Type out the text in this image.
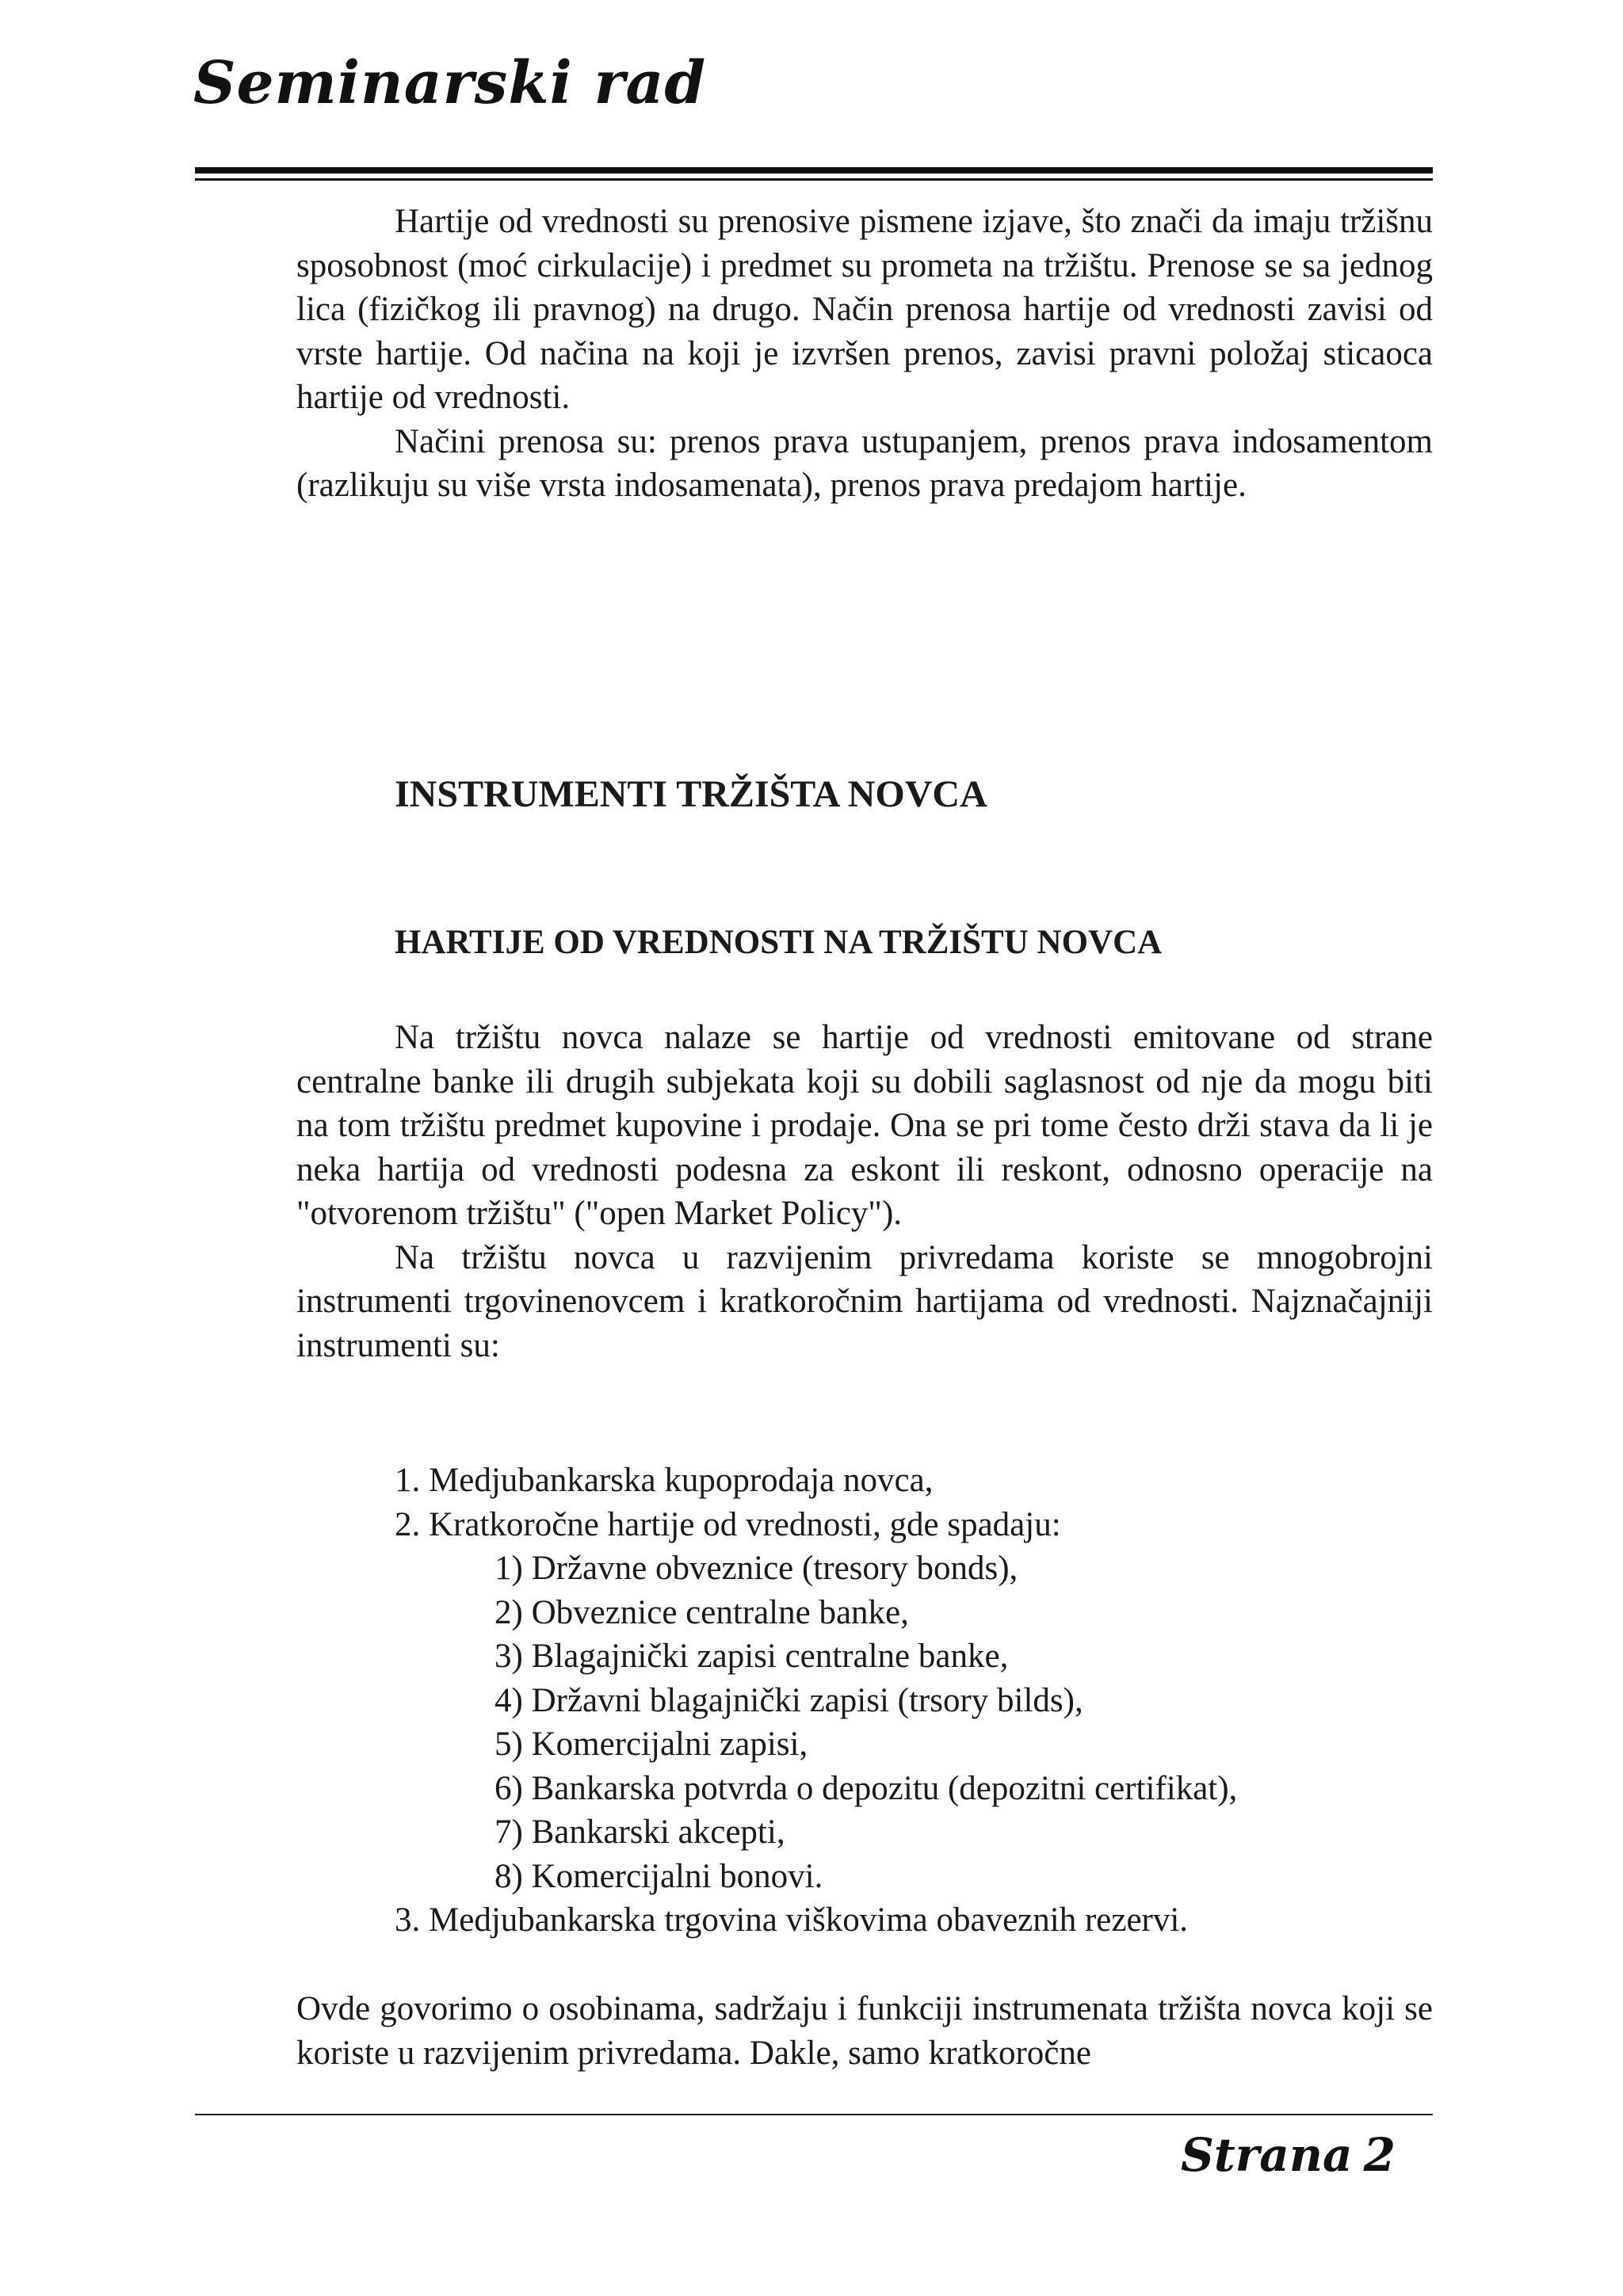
Seminarski rad

Hartije od vrednosti su prenosive pismene izjave, što znači da imaju tržišnu sposobnost (moć cirkulacije) i predmet su prometa na tržištu. Prenose se sa jednog lica (fizičkog ili pravnog) na drugo. Način prenosa hartije od vrednosti zavisi od vrste hartije. Od načina na koji je izvršen prenos, zavisi pravni položaj sticaoca hartije od vrednosti.

Načini prenosa su: prenos prava ustupanjem, prenos prava indosamentom (razlikuju su više vrsta indosamenata), prenos prava predajom hartije.

INSTRUMENTI TRŽIŠTA NOVCA
HARTIJE OD VREDNOSTI NA TRŽIŠTU NOVCA

Na tržištu novca nalaze se hartije od vrednosti emitovane od strane centralne banke ili drugih subjekata koji su dobili saglasnost od nje da mogu biti na tom tržištu predmet kupovine i prodaje. Ona se pri tome često drži stava da li je neka hartija od vrednosti podesna za eskont ili reskont, odnosno operacije na "otvorenom tržištu" ("open Market Policy").

Na tržištu novca u razvijenim privredama koriste se mnogobrojni instrumenti trgovinenovcem i kratkoročnim hartijama od vrednosti. Najznačajniji instrumenti su:

1. Medjubankarska kupoprodaja novca,
2. Kratkoročne hartije od vrednosti, gde spadaju:
1) Državne obveznice (tresory bonds),
2) Obveznice centralne banke,
3) Blagajnički zapisi centralne banke,
4) Državni blagajnički zapisi (trsory bilds),
5) Komercijalni zapisi,
6) Bankarska potvrda o depozitu (depozitni certifikat),
7) Bankarski akcepti,
8) Komercijalni bonovi.
3. Medjubankarska trgovina viškovima obaveznih rezervi.

Ovde govorimo o osobinama, sadržaju i funkciji instrumenata tržišta novca koji se koriste u razvijenim privredama. Dakle, samo kratkoročne

Strana 2
